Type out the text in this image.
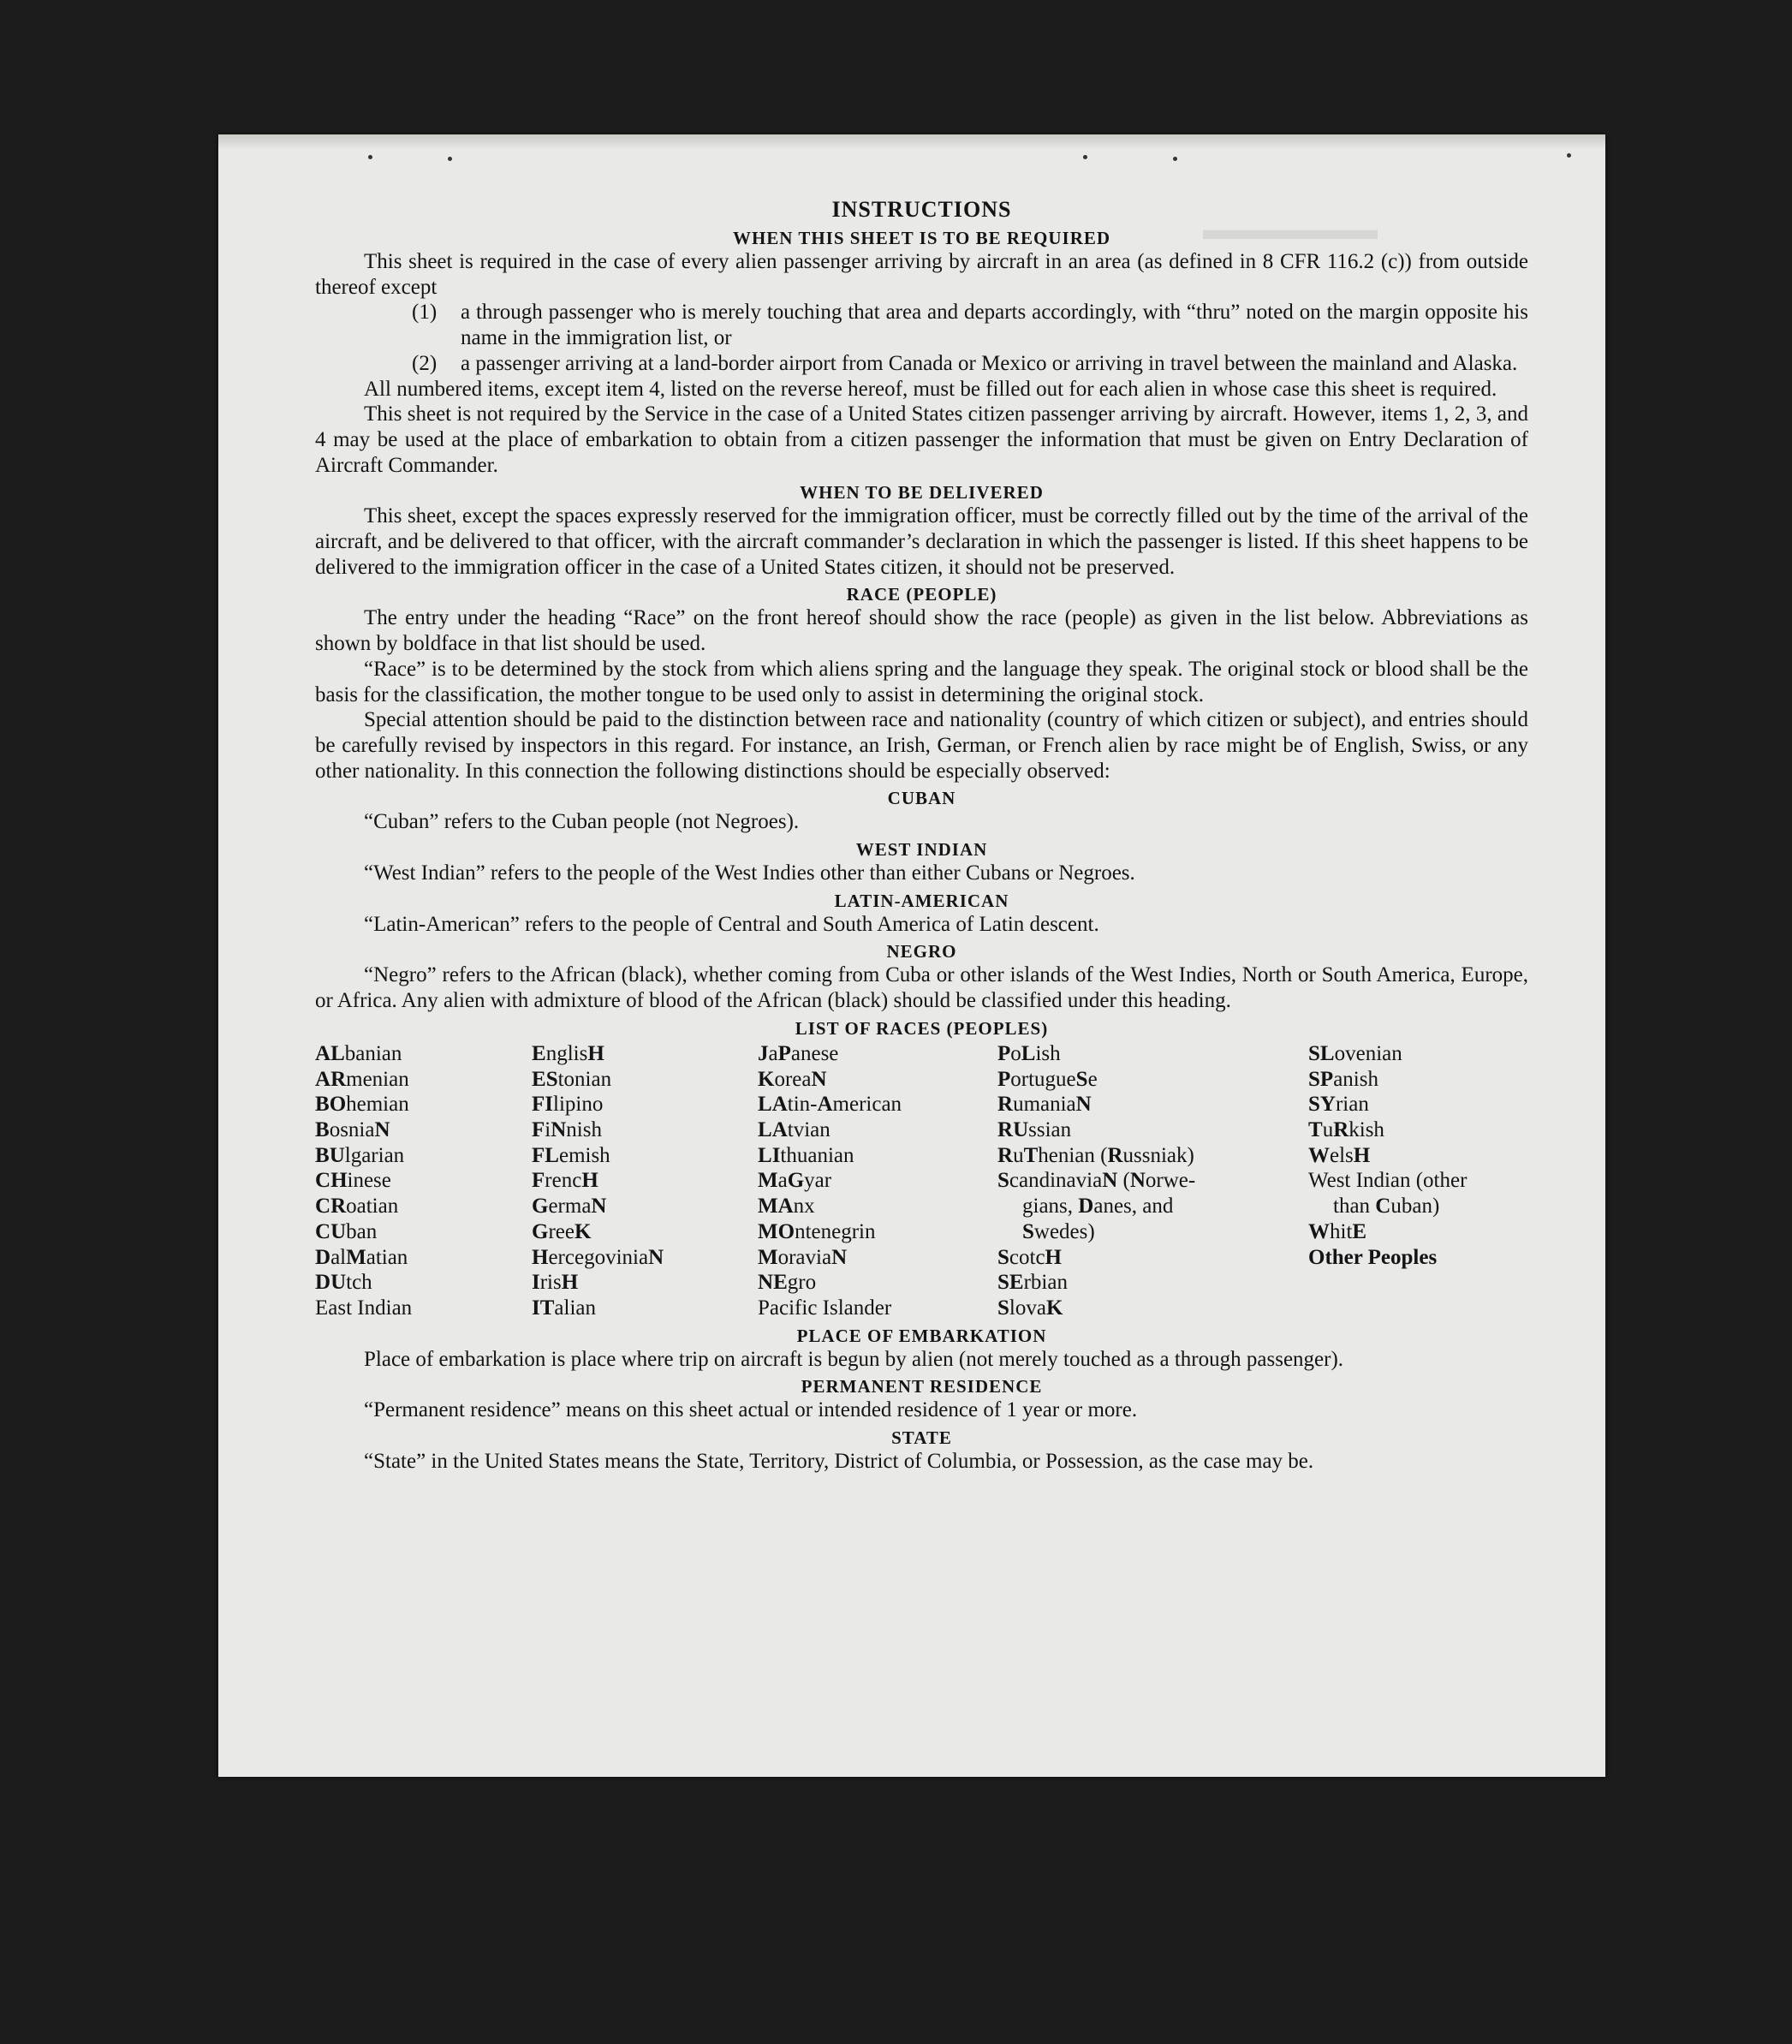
▬▬▬▬▬▬
INSTRUCTIONS
WHEN THIS SHEET IS TO BE REQUIRED

This sheet is required in the case of every alien passenger arriving by aircraft in an area (as defined in 8 CFR 116.2 (c)) from outside thereof except

(1)	a through passenger who is merely touching that area and departs accordingly, with “thru” noted on the margin opposite his name in the immigration list, or
(2)	a passenger arriving at a land-border airport from Canada or Mexico or arriving in travel between the mainland and Alaska.

All numbered items, except item 4, listed on the reverse hereof, must be filled out for each alien in whose case this sheet is required.

This sheet is not required by the Service in the case of a United States citizen passenger arriving by aircraft. However, items 1, 2, 3, and 4 may be used at the place of embarkation to obtain from a citizen passenger the information that must be given on Entry Declaration of Aircraft Commander.

WHEN TO BE DELIVERED

This sheet, except the spaces expressly reserved for the immigration officer, must be correctly filled out by the time of the arrival of the aircraft, and be delivered to that officer, with the aircraft commander’s declaration in which the passenger is listed. If this sheet happens to be delivered to the immigration officer in the case of a United States citizen, it should not be preserved.

RACE (PEOPLE)

The entry under the heading “Race” on the front hereof should show the race (people) as given in the list below. Abbreviations as shown by boldface in that list should be used.

“Race” is to be determined by the stock from which aliens spring and the language they speak. The original stock or blood shall be the basis for the classification, the mother tongue to be used only to assist in determining the original stock.

Special attention should be paid to the distinction between race and nationality (country of which citizen or subject), and entries should be carefully revised by inspectors in this regard. For instance, an Irish, German, or French alien by race might be of English, Swiss, or any other nationality. In this connection the following distinctions should be especially observed:

CUBAN

“Cuban” refers to the Cuban people (not Negroes).

WEST INDIAN

“West Indian” refers to the people of the West Indies other than either Cubans or Negroes.

LATIN-AMERICAN

“Latin-American” refers to the people of Central and South America of Latin descent.

NEGRO

“Negro” refers to the African (black), whether coming from Cuba or other islands of the West Indies, North or South America, Europe, or Africa. Any alien with admixture of blood of the African (black) should be classified under this heading.

LIST OF RACES (PEOPLES)
ALbanian
ARmenian
BOhemian
BosniaN
BUlgarian
CHinese
CRoatian
CUban
DalMatian
DUtch
East Indian
EnglisH
EStonian
FIlipino
FiNnish
FLemish
FrencH
GermaN
GreeK
HercegoviniaN
IrisH
ITalian
JaPanese
KoreaN
LAtin-American
LAtvian
LIthuanian
MaGyar
MAnx
MOntenegrin
MoraviaN
NEgro
Pacific Islander
PoLish
PortugueSe
RumaniaN
RUssian
RuThenian (Russniak)
ScandinaviaN (Norwe-
gians, Danes, and
Swedes)
ScotcH
SErbian
SlovaK
SLovenian
SPanish
SYrian
TuRkish
WelsH
West Indian (other
than Cuban)
WhitE
Other Peoples
PLACE OF EMBARKATION

Place of embarkation is place where trip on aircraft is begun by alien (not merely touched as a through passenger).

PERMANENT RESIDENCE

“Permanent residence” means on this sheet actual or intended residence of 1 year or more.

STATE

“State” in the United States means the State, Territory, District of Columbia, or Possession, as the case may be.
